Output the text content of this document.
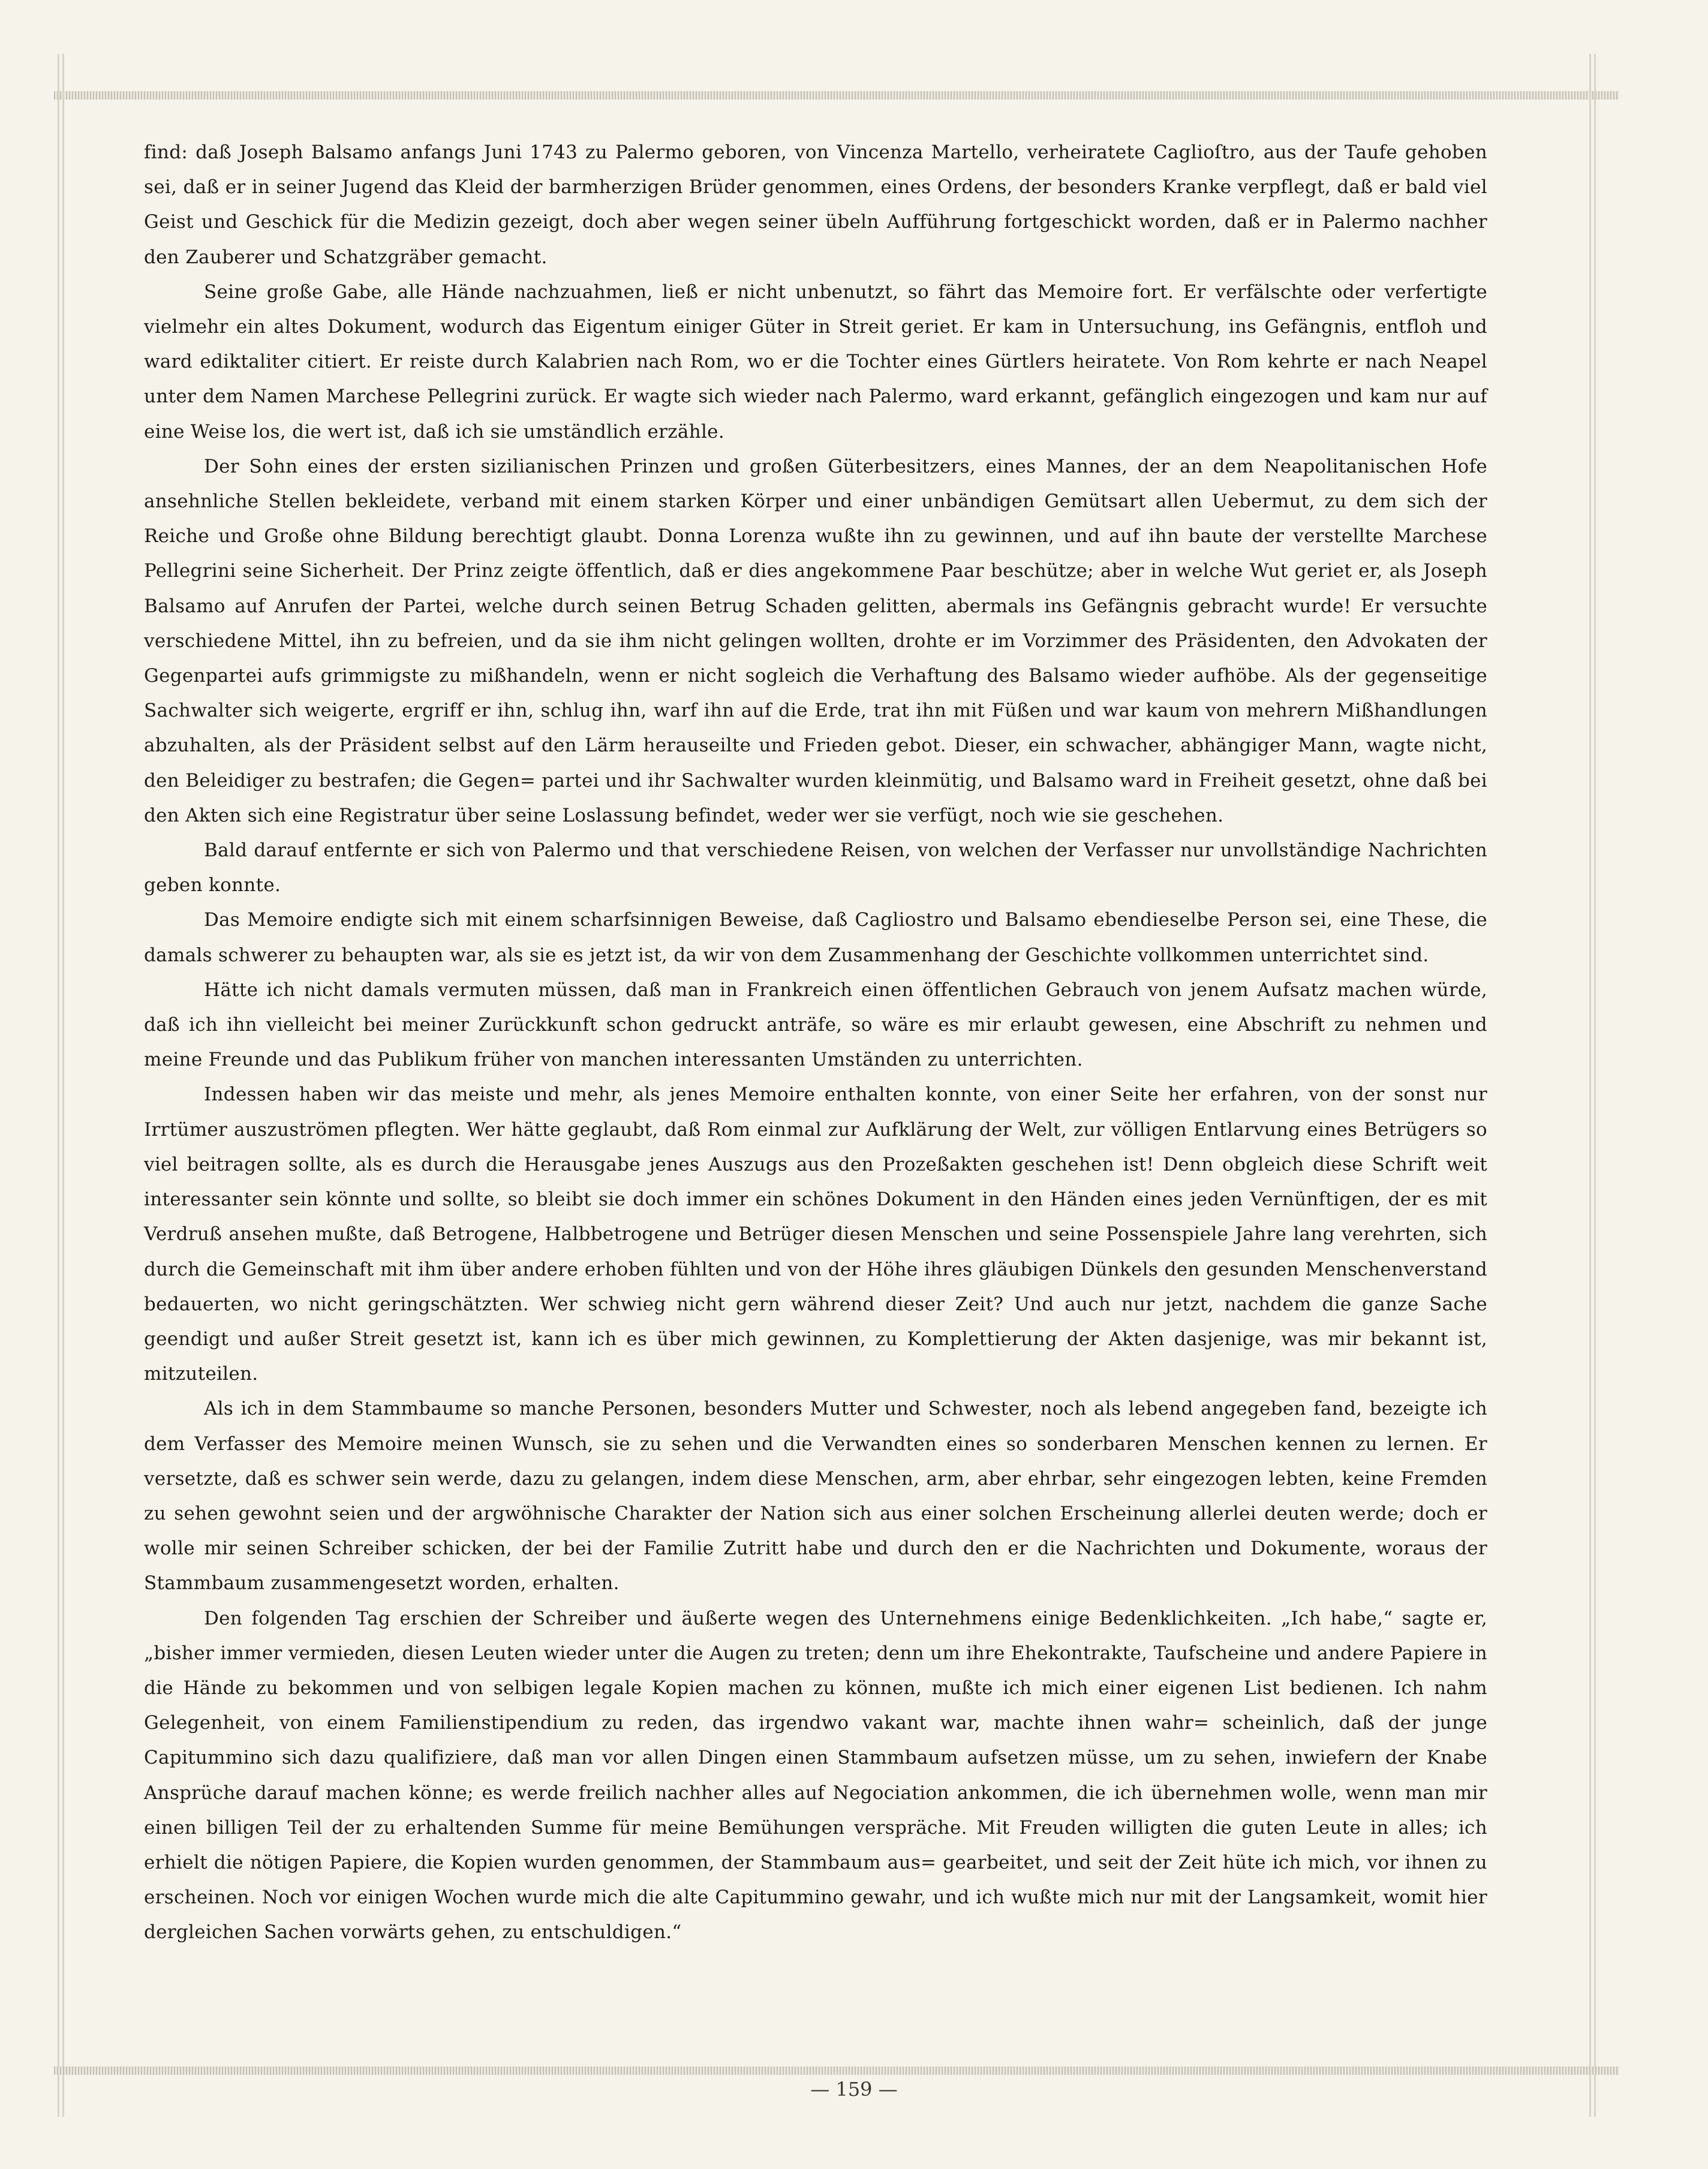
find: daß Joseph Balsamo anfangs Juni 1743 zu Palermo geboren, von Vincenza Martello, verheiratete Caglioſtro, aus der Taufe gehoben sei, daß er in seiner Jugend das Kleid der barmherzigen Brüder genommen, eines Ordens, der besonders Kranke verpflegt, daß er bald viel Geist und Geschick für die Medizin gezeigt, doch aber wegen seiner übeln Aufführung fortgeschickt worden, daß er in Palermo nachher den Zauberer und Schatzgräber gemacht.

Seine große Gabe, alle Hände nachzuahmen, ließ er nicht unbenutzt, so fährt das Memoire fort. Er verfälschte oder verfertigte vielmehr ein altes Dokument, wodurch das Eigentum einiger Güter in Streit geriet. Er kam in Untersuchung, ins Gefängnis, entfloh und ward ediktaliter citiert. Er reiste durch Kalabrien nach Rom, wo er die Tochter eines Gürtlers heiratete. Von Rom kehrte er nach Neapel unter dem Namen Marchese Pellegrini zurück. Er wagte sich wieder nach Palermo, ward erkannt, gefänglich eingezogen und kam nur auf eine Weise los, die wert ist, daß ich sie umständlich erzähle.

Der Sohn eines der ersten sizilianischen Prinzen und großen Güterbesitzers, eines Mannes, der an dem Neapolitanischen Hofe ansehnliche Stellen bekleidete, verband mit einem starken Körper und einer unbändigen Gemütsart allen Uebermut, zu dem sich der Reiche und Große ohne Bildung berechtigt glaubt. Donna Lorenza wußte ihn zu gewinnen, und auf ihn baute der verstellte Marchese Pellegrini seine Sicherheit. Der Prinz zeigte öffentlich, daß er dies angekommene Paar beschütze; aber in welche Wut geriet er, als Joseph Balsamo auf Anrufen der Partei, welche durch seinen Betrug Schaden gelitten, abermals ins Gefängnis gebracht wurde! Er versuchte verschiedene Mittel, ihn zu befreien, und da sie ihm nicht gelingen wollten, drohte er im Vorzimmer des Präsidenten, den Advokaten der Gegenpartei aufs grimmigste zu mißhandeln, wenn er nicht sogleich die Verhaftung des Balsamo wieder aufhöbe. Als der gegenseitige Sachwalter sich weigerte, ergriff er ihn, schlug ihn, warf ihn auf die Erde, trat ihn mit Füßen und war kaum von mehrern Mißhandlungen abzuhalten, als der Präsident selbst auf den Lärm herauseilte und Frieden gebot. Dieser, ein schwacher, abhängiger Mann, wagte nicht, den Beleidiger zu bestrafen; die Gegen= partei und ihr Sachwalter wurden kleinmütig, und Balsamo ward in Freiheit gesetzt, ohne daß bei den Akten sich eine Registratur über seine Loslassung befindet, weder wer sie verfügt, noch wie sie geschehen.

Bald darauf entfernte er sich von Palermo und that verschiedene Reisen, von welchen der Verfasser nur unvollständige Nachrichten geben konnte.

Das Memoire endigte sich mit einem scharfsinnigen Beweise, daß Cagliostro und Balsamo ebendieselbe Person sei, eine These, die damals schwerer zu behaupten war, als sie es jetzt ist, da wir von dem Zusammenhang der Geschichte vollkommen unterrichtet sind.

Hätte ich nicht damals vermuten müssen, daß man in Frankreich einen öffentlichen Gebrauch von jenem Aufsatz machen würde, daß ich ihn vielleicht bei meiner Zurückkunft schon gedruckt anträfe, so wäre es mir erlaubt gewesen, eine Abschrift zu nehmen und meine Freunde und das Publikum früher von manchen interessanten Umständen zu unterrichten.

Indessen haben wir das meiste und mehr, als jenes Memoire enthalten konnte, von einer Seite her erfahren, von der sonst nur Irrtümer auszuströmen pflegten. Wer hätte geglaubt, daß Rom einmal zur Aufklärung der Welt, zur völligen Entlarvung eines Betrügers so viel beitragen sollte, als es durch die Herausgabe jenes Auszugs aus den Prozeßakten geschehen ist! Denn obgleich diese Schrift weit interessanter sein könnte und sollte, so bleibt sie doch immer ein schönes Dokument in den Händen eines jeden Vernünftigen, der es mit Verdruß ansehen mußte, daß Betrogene, Halbbetrogene und Betrüger diesen Menschen und seine Possenspiele Jahre lang verehrten, sich durch die Gemeinschaft mit ihm über andere erhoben fühlten und von der Höhe ihres gläubigen Dünkels den gesunden Menschenverstand bedauerten, wo nicht geringschätzten. Wer schwieg nicht gern während dieser Zeit? Und auch nur jetzt, nachdem die ganze Sache geendigt und außer Streit gesetzt ist, kann ich es über mich gewinnen, zu Komplettierung der Akten dasjenige, was mir bekannt ist, mitzuteilen.

Als ich in dem Stammbaume so manche Personen, besonders Mutter und Schwester, noch als lebend angegeben fand, bezeigte ich dem Verfasser des Memoire meinen Wunsch, sie zu sehen und die Verwandten eines so sonderbaren Menschen kennen zu lernen. Er versetzte, daß es schwer sein werde, dazu zu gelangen, indem diese Menschen, arm, aber ehrbar, sehr eingezogen lebten, keine Fremden zu sehen gewohnt seien und der argwöhnische Charakter der Nation sich aus einer solchen Erscheinung allerlei deuten werde; doch er wolle mir seinen Schreiber schicken, der bei der Familie Zutritt habe und durch den er die Nachrichten und Dokumente, woraus der Stammbaum zusammengesetzt worden, erhalten.

Den folgenden Tag erschien der Schreiber und äußerte wegen des Unternehmens einige Bedenklichkeiten. „Ich habe,“ sagte er, „bisher immer vermieden, diesen Leuten wieder unter die Augen zu treten; denn um ihre Ehekontrakte, Taufscheine und andere Papiere in die Hände zu bekommen und von selbigen legale Kopien machen zu können, mußte ich mich einer eigenen List bedienen. Ich nahm Gelegenheit, von einem Familienstipendium zu reden, das irgendwo vakant war, machte ihnen wahr= scheinlich, daß der junge Capitummino sich dazu qualifiziere, daß man vor allen Dingen einen Stammbaum aufsetzen müsse, um zu sehen, inwiefern der Knabe Ansprüche darauf machen könne; es werde freilich nachher alles auf Negociation ankommen, die ich übernehmen wolle, wenn man mir einen billigen Teil der zu erhaltenden Summe für meine Bemühungen verspräche. Mit Freuden willigten die guten Leute in alles; ich erhielt die nötigen Papiere, die Kopien wurden genommen, der Stammbaum aus= gearbeitet, und seit der Zeit hüte ich mich, vor ihnen zu erscheinen. Noch vor einigen Wochen wurde mich die alte Capitummino gewahr, und ich wußte mich nur mit der Langsamkeit, womit hier dergleichen Sachen vorwärts gehen, zu entschuldigen.“

— 159 —
